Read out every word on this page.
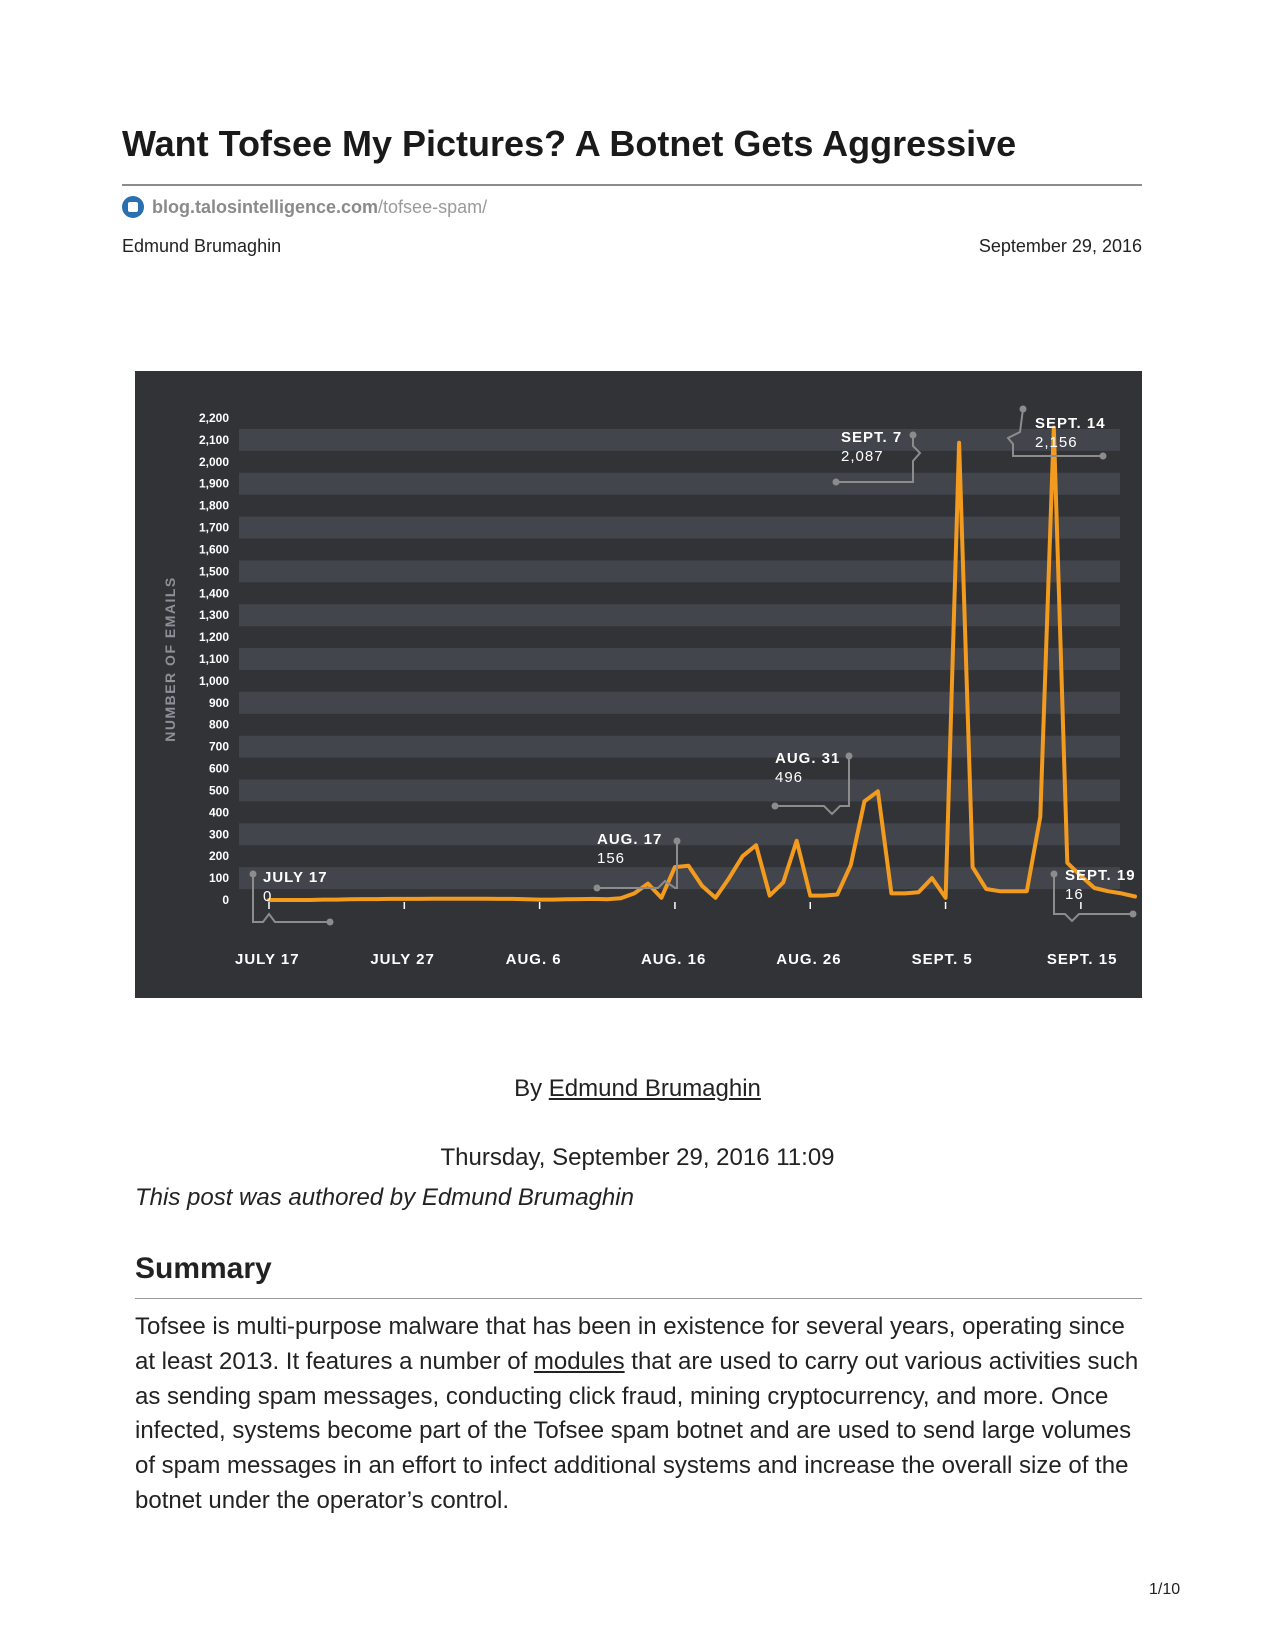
Want Tofsee My Pictures? A Botnet Gets Aggressive
blog.talosintelligence.com /tofsee-spam/
Edmund Brumaghin	September 29, 2016
0
100
200
300
400
500
600
700
800
900
1,000
1,100
1,200
1,300
1,400
1,500
1,600
1,700
1,800
1,900
2,000
2,100
2,200
NUMBER OF EMAILS
JULY 17	JULY 27	AUG. 6	AUG. 16	AUG. 26	SEPT. 5	SEPT. 15
JULY 17
0
AUG. 17
156
AUG. 31
496
SEPT. 7
2,087
SEPT. 14
2,156
SEPT. 19
16
By Edmund Brumaghin
Thursday, September 29, 2016 11:09
This post was authored by Edmund Brumaghin
Summary

Tofsee is multi-purpose malware that has been in existence for several years, operating since at least 2013. It features a number of modules that are used to carry out various activities such as sending spam messages, conducting click fraud, mining cryptocurrency, and more. Once infected, systems become part of the Tofsee spam botnet and are used to send large volumes of spam messages in an effort to infect additional systems and increase the overall size of the botnet under the operator’s control.

1/10
